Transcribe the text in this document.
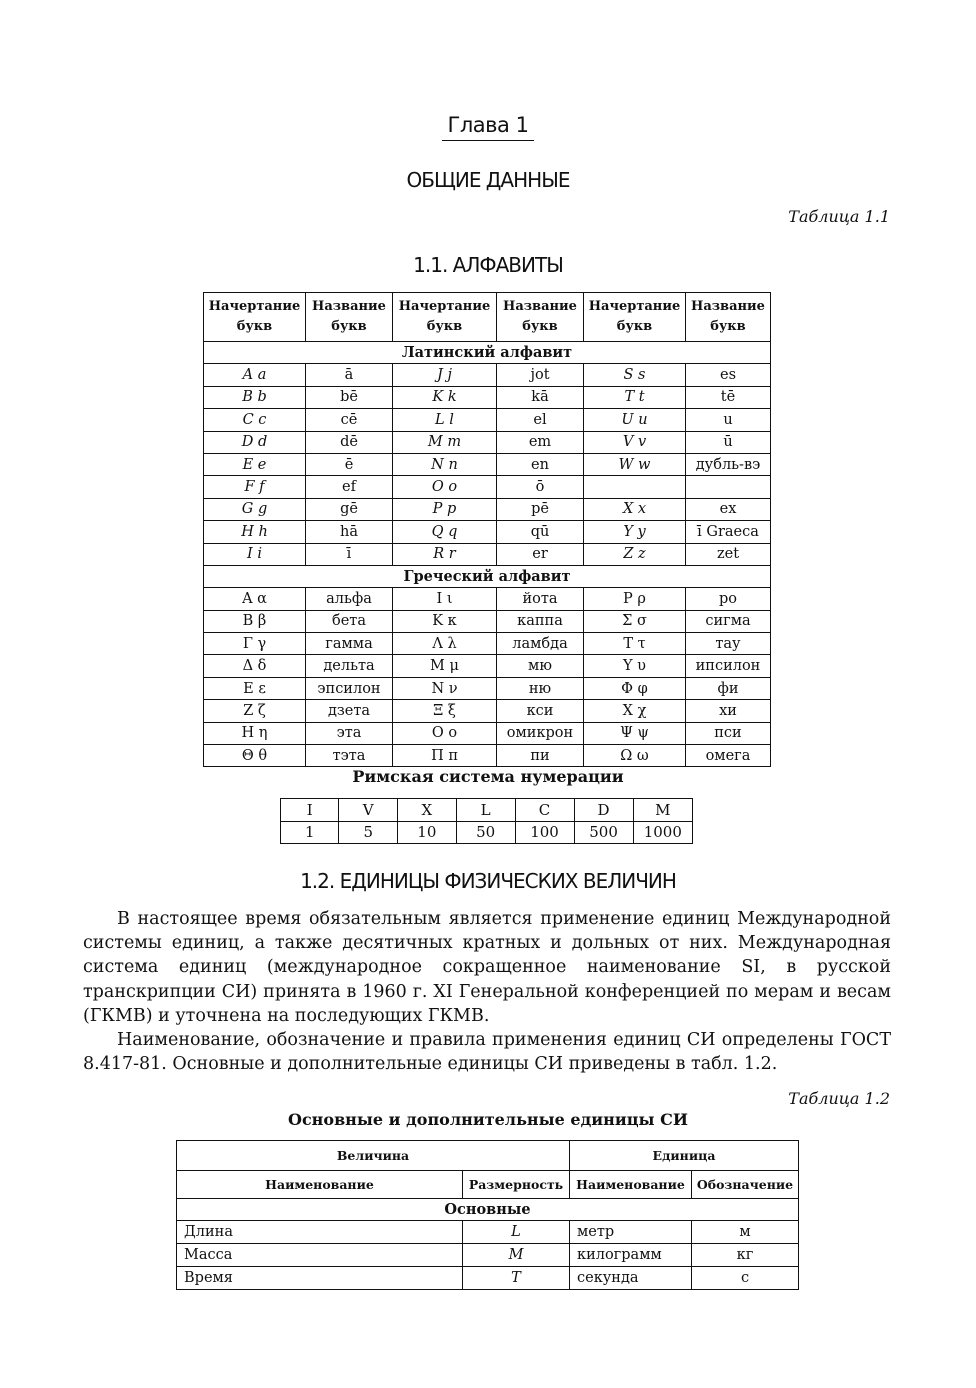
Глава 1
ОБЩИЕ ДАННЫЕ
Таблица 1.1
1.1. АЛФАВИТЫ
Начертание букв	Название букв	Начертание букв	Название букв	Начертание букв	Название букв
Латинский алфавит					
A a	ā	J j	jot	S s	es
B b	bē	K k	kā	T t	tē
C c	cē	L l	el	U u	u
D d	dē	M m	em	V v	ū
E e	ē	N n	en	W w	дубль-вэ
F f	ef	O o	ō		
G g	gē	P p	pē	X x	ex
H h	hā	Q q	qū	Y y	ī Graeca
I i	ī	R r	er	Z z	zet
Греческий алфавит					
Α α	альфа	Ι ι	йота	Ρ ρ	ро
Β β	бета	Κ κ	каппа	Σ σ	сигма
Γ γ	гамма	Λ λ	ламбда	Τ τ	тау
Δ δ	дельта	Μ μ	мю	Υ υ	ипсилон
Ε ε	эпсилон	Ν ν	ню	Φ φ	фи
Ζ ζ	дзета	Ξ ξ	кси	Χ χ	хи
Η η	эта	Ο ο	омикрон	Ψ ψ	пси
Θ θ	тэта	Π π	пи	Ω ω	омега
Римская система нумерации
I	V	X	L	C	D	M
1	5	10	50	100	500	1000
1.2. ЕДИНИЦЫ ФИЗИЧЕСКИХ ВЕЛИЧИН
В настоящее время обязательным является применение единиц Международной системы единиц, а также десятичных кратных и дольных от них. Международная система единиц (международное сокращенное наименование SI, в русской транскрипции СИ) принята в 1960 г. XI Генеральной конференцией по мерам и весам (ГКМВ) и уточнена на последующих ГКМВ.
Наименование, обозначение и правила применения единиц СИ определены ГОСТ 8.417-81. Основные и дополнительные единицы СИ приведены в табл. 1.2.
Таблица 1.2
Основные и дополнительные единицы СИ
Величина		Единица	
Наименование	Размерность	Наименование	Обозначение
Основные			
Длина	L	метр	м
Масса	M	килограмм	кг
Время	T	секунда	с
